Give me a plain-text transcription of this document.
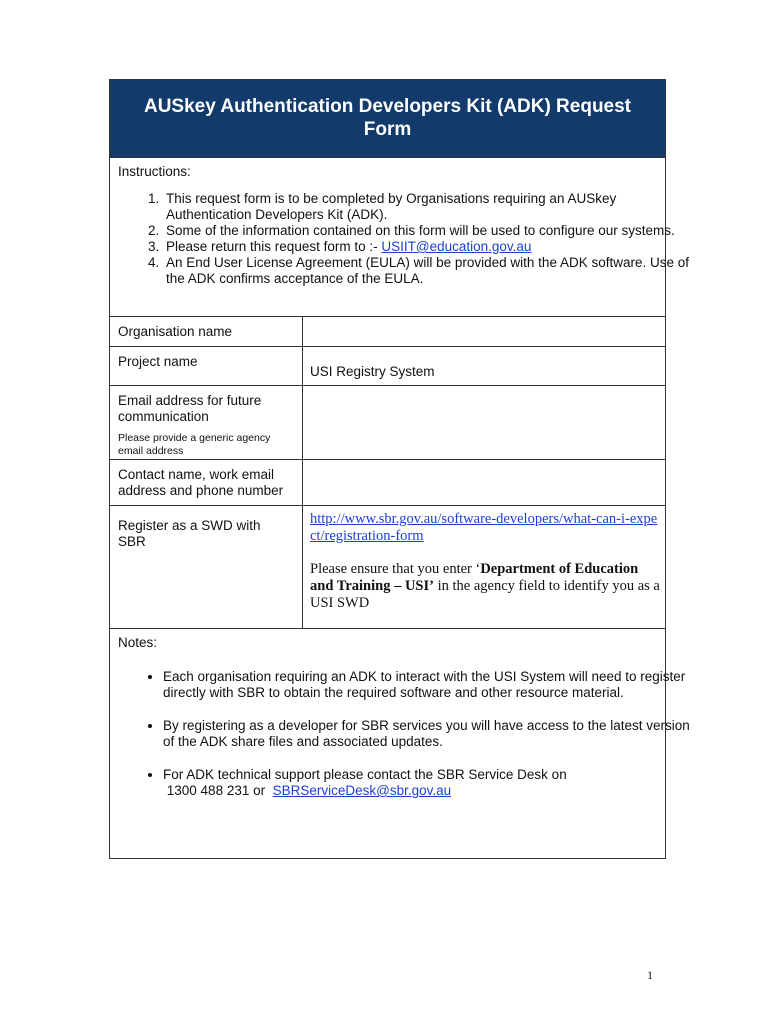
AUSkey Authentication Developers Kit (ADK) Request
Form
Instructions:
1. This request form is to be completed by Organisations requiring an AUSkey Authentication Developers Kit (ADK).
2. Some of the information contained on this form will be used to configure our systems.
3. Please return this request form to :- USIIT@education.gov.au
4. An End User License Agreement (EULA) will be provided with the ADK software. Use of the ADK confirms acceptance of the EULA.
Organisation name
Project name
USI Registry System
Email address for future communication
Please provide a generic agency email address
Contact name, work email address and phone number
Register as a SWD with SBR
http://www.sbr.gov.au/software-developers/what-can-i-expect/registration-form
Please ensure that you enter ‘Department of Education and Training – USI’ in the agency field to identify you as a USI SWD
Notes:
• Each organisation requiring an ADK to interact with the USI System will need to register directly with SBR to obtain the required software and other resource material.
• By registering as a developer for SBR services you will have access to the latest version of the ADK share files and associated updates.
• For ADK technical support please contact the SBR Service Desk on
1300 488 231 or SBRServiceDesk@sbr.gov.au
1
